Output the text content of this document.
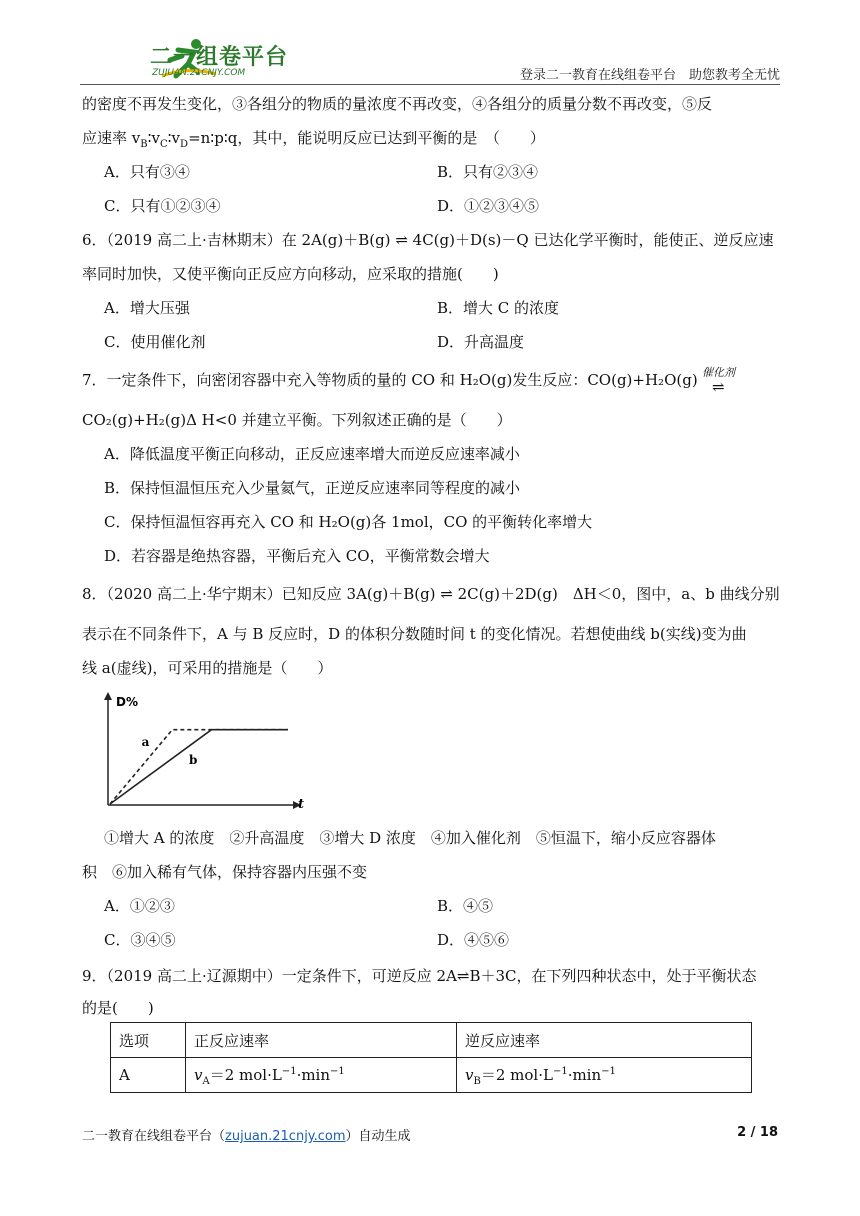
二一组卷平台
ZUJUAN.21CNJY.COM	登录二一教育在线组卷平台　助您教考全无忧
的密度不再发生变化，③各组分的物质的量浓度不再改变，④各组分的质量分数不再改变，⑤反
应速率 $v_B∶v_C∶v_D=n∶p∶q$，其中，能说明反应已达到平衡的是　（　　）
A．只有③④	B．只有②③④
C．只有①②③④	D．①②③④⑤
6．（2019 高二上·吉林期末）在 2A(g)＋B(g) ⇌ 4C(g)＋D(s)－Q 已达化学平衡时，能使正、逆反应速
率同时加快，又使平衡向正反应方向移动，应采取的措施(　　)
A．增大压强	B．增大 C 的浓度
C．使用催化剂	D．升高温度
7．一定条件下，向密闭容器中充入等物质的量的 CO 和 H₂O(g)发生反应：CO(g)+H₂O(g) 催化剂
⇌
CO₂(g)+H₂(g)Δ H<0 并建立平衡。下列叙述正确的是（　　）
A．降低温度平衡正向移动，正反应速率增大而逆反应速率减小
B．保持恒温恒压充入少量氦气，正逆反应速率同等程度的减小
C．保持恒温恒容再充入 CO 和 H₂O(g)各 1mol，CO 的平衡转化率增大
D．若容器是绝热容器，平衡后充入 CO，平衡常数会增大
8．（2020 高二上·华宁期末）已知反应 3A(g)＋B(g) ⇌ 2C(g)＋2D(g)　ΔH＜0，图中，a、b 曲线分别
表示在不同条件下，A 与 B 反应时，D 的体积分数随时间 t 的变化情况。若想使曲线 b(实线)变为曲
线 a(虚线)，可采用的措施是（　　）
D%
t
a
b
①增大 A 的浓度　②升高温度　③增大 D 浓度　④加入催化剂　⑤恒温下，缩小反应容器体
积　⑥加入稀有气体，保持容器内压强不变
A．①②③	B．④⑤
C．③④⑤	D．④⑤⑥
9．（2019 高二上·辽源期中）一定条件下，可逆反应 2A⇌B＋3C，在下列四种状态中，处于平衡状态
的是(　　)
选项	正反应速率	逆反应速率
A	$v_A=2$ $mol\cdot L^{-1}\cdot\min^{-1}$	$v_B=2$ $mol\cdot L^{-1}\cdot\min^{-1}$
二一教育在线组卷平台（zujuan.21cnjy.com）自动生成	2 / 18
